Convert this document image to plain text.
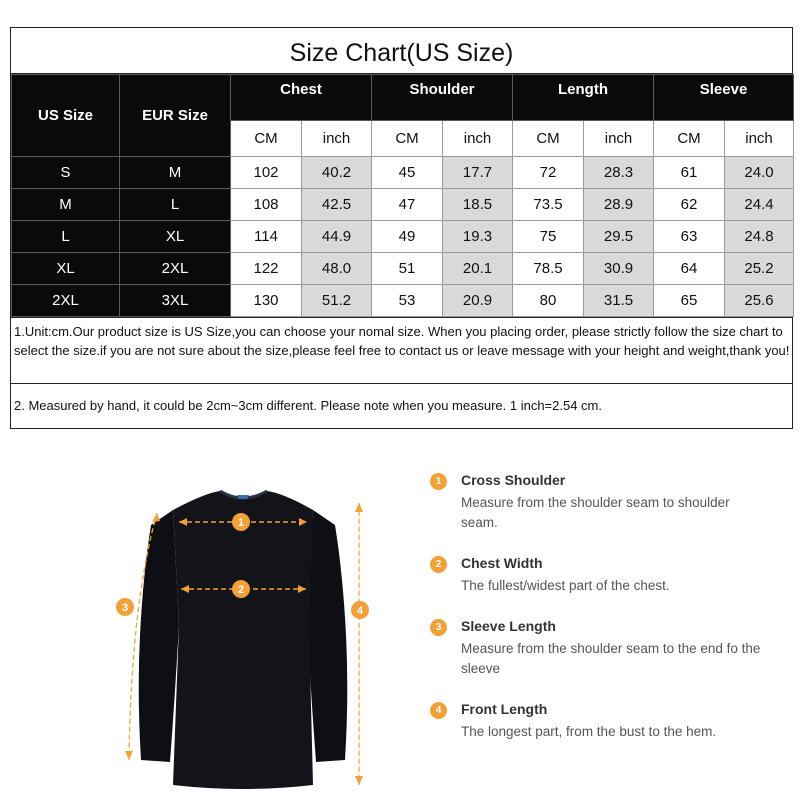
Size Chart(US Size)
US Size	EUR Size	Chest		Shoulder		Length		Sleeve	
		CM	inch	CM	inch	CM	inch	CM	inch
S	M	102	40.2	45	17.7	72	28.3	61	24.0
M	L	108	42.5	47	18.5	73.5	28.9	62	24.4
L	XL	114	44.9	49	19.3	75	29.5	63	24.8
XL	2XL	122	48.0	51	20.1	78.5	30.9	64	25.2
2XL	3XL	130	51.2	53	20.9	80	31.5	65	25.6
1.Unit:cm.Our product size is US Size,you can choose your nomal size. When you placing order, please strictly follow the size chart to select the size.if you are not sure about the size,please feel free to contact us or leave message with your height and weight,thank you!
2. Measured by hand, it could be 2cm~3cm different. Please note when you measure. 1 inch=2.54 cm.
1
2
3	4
1	Cross Shoulder
Measure from the shoulder seam to shoulder seam.
2	Chest Width
The fullest/widest part of the chest.
3	Sleeve Length
Measure from the shoulder seam to the end fo the sleeve
4	Front Length
The longest part, from the bust to the hem.
